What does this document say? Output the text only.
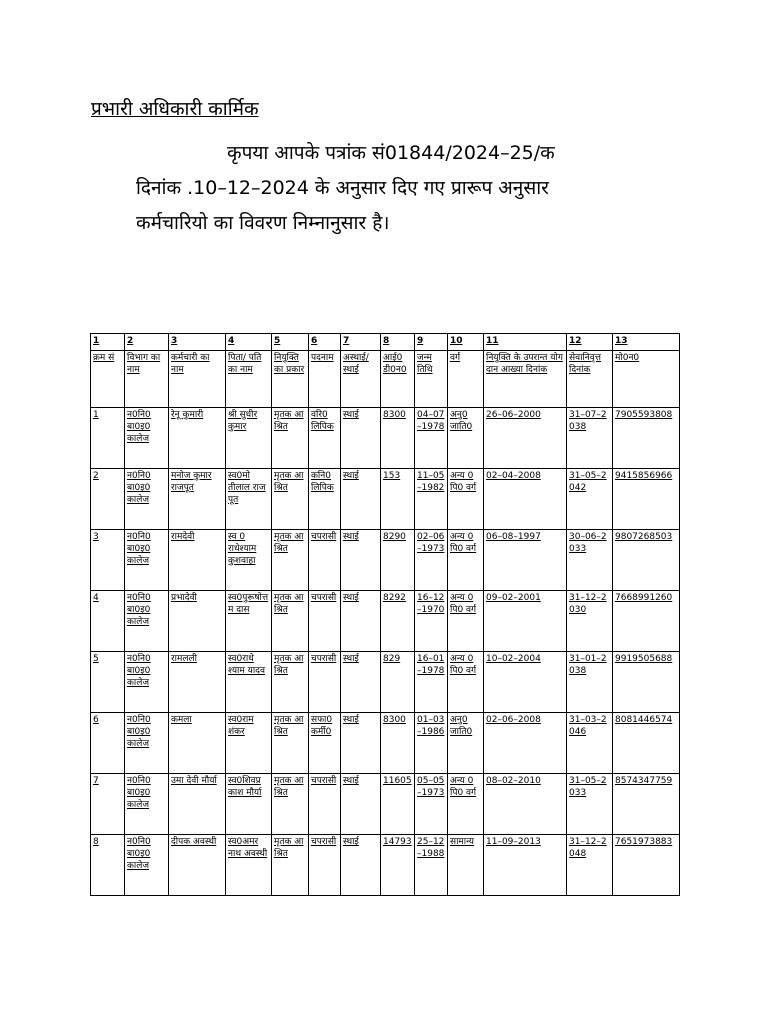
प्रभारी अधिकारी कार्मिक
कृपया आपके पत्रांक सं01844/2024–25/क
दिनांक .10–12–2024 के अनुसार दिए गए प्रारूप अनुसार
कर्मचारियो का विवरण निम्नानुसार है।
1	2	3	4	5	6	7	8	9	10	11	12	13
क्रम सं	विभाग का नाम	कर्मचारी का नाम	पिता/ पति का नाम	नियुक्ति का प्रकार	पदनाम	अस्थाई/ स्थाई	आई0डी0न0	जन्म तिथि	वर्ग	नियुक्ति के उपरान्त योगदान आख्या दिनांक	सेवानिवृत्त दिनांक	मो0न0
1	न0नि0 बा0इ0 कालेज	रेनू कुमारी	श्री सुधीर कुमार	मृतक आश्रित	वरि0 लिपिक	स्थाई	8300	04–07–1978	अनु0 जाति0	26–06–2000	31–07–2038	7905593808
2	न0नि0 बा0इ0 कालेज	मनोज कुमार राजपूत	स्व0मो तीलाल राजपूत	मृतक आश्रित	कनि0लिपिक	स्थाई	153	11–05–1982	अन्य 0पि0 वर्ग	02–04–2008	31–05–2042	9415856966
3	न0नि0 बा0इ0 कालेज	रामदेवी	स्व 0राधेश्याम कुशवाहा	मृतक आश्रित	चपरासी	स्थाई	8290	02–06–1973	अन्य 0पि0 वर्ग	06–08–1997	30–06–2033	9807268503
4	न0नि0 बा0इ0 कालेज	प्रभादेवी	स्व0पुरूषोत्तम दास	मृतक आश्रित	चपरासी	स्थाई	8292	16–12–1970	अन्य 0पि0 वर्ग	09–02–2001	31–12–2030	7668991260
5	न0नि0 बा0इ0 कालेज	रामलली	स्व0राधे श्याम यादव	मृतक आश्रित	चपरासी	स्थाई	829	16–01–1978	अन्य 0पि0 वर्ग	10–02–2004	31–01–2038	9919505688
6	न0नि0 बा0इ0 कालेज	कमला	स्व0राम शंकर	मृतक आश्रित	सफा0कर्मी0	स्थाई	8300	01–03–1986	अनु0 जाति0	02–06–2008	31–03–2046	8081446574
7	न0नि0 बा0इ0 कालेज	उमा देवी मौर्या	स्व0शिवप्रकाश मौर्या	मृतक आश्रित	चपरासी	स्थाई	11605	05–05–1973	अन्य 0पि0 वर्ग	08–02–2010	31–05–2033	8574347759
8	न0नि0 बा0इ0 कालेज	दीपक अवस्थी	स्व0अमरनाथ अवस्थी	मृतक आश्रित	चपरासी	स्थाई	14793	25–12–1988	सामान्य	11–09–2013	31–12–2048	7651973883
